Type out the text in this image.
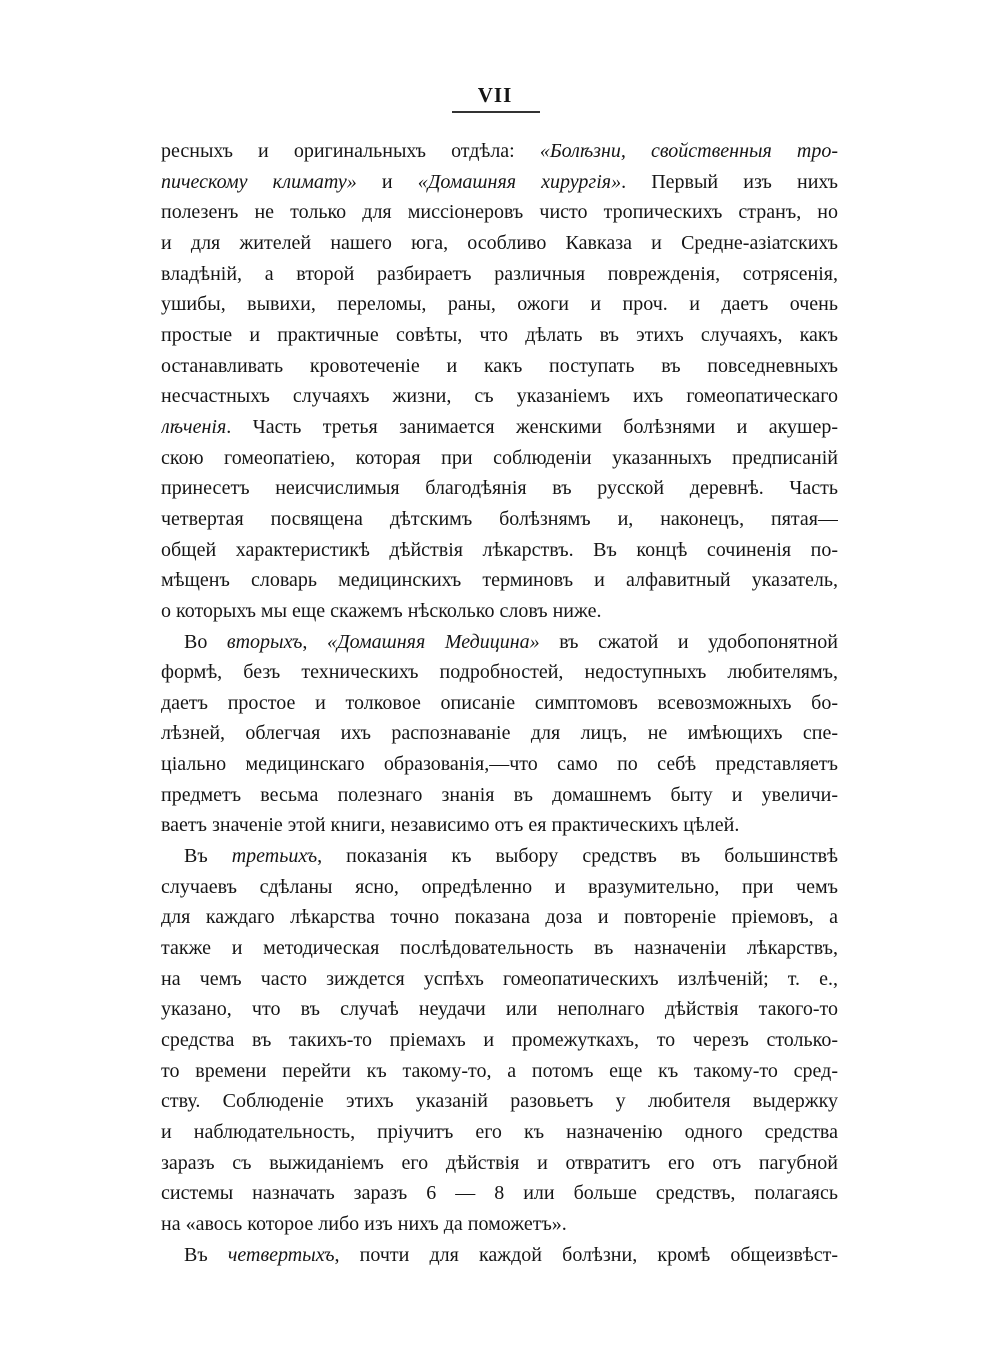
VII
ресныхъ и оригинальныхъ отдѣла: «Болѣзни, свойственныя тро-
пическому климату» и «Домашняя хирургія». Первый изъ нихъ
полезенъ не только для миссіонеровъ чисто тропическихъ странъ, но
и для жителей нашего юга, особливо Кавказа и Средне-азіатскихъ
владѣній, а второй разбираетъ различныя поврежденія, сотрясенія,
ушибы, вывихи, переломы, раны, ожоги и проч. и даетъ очень
простые и практичные совѣты, что дѣлать въ этихъ случаяхъ, какъ
останавливать кровотеченіе и какъ поступать въ повседневныхъ
несчастныхъ случаяхъ жизни, съ указаніемъ ихъ гомеопатическаго
лѣченія. Часть третья занимается женскими болѣзнями и акушер-
скою гомеопатіею, которая при соблюденіи указанныхъ предписаній
принесетъ неисчислимыя благодѣянія въ русской деревнѣ. Часть
четвертая посвящена дѣтскимъ болѣзнямъ и, наконецъ, пятая—
общей характеристикѣ дѣйствія лѣкарствъ. Въ концѣ сочиненія по-
мѣщенъ словарь медицинскихъ терминовъ и алфавитный указатель,
о которыхъ мы еще скажемъ нѣсколько словъ ниже.
Во вторыхъ, «Домашняя Медицина» въ сжатой и удобопонятной
формѣ, безъ техническихъ подробностей, недоступныхъ любителямъ,
даетъ простое и толковое описаніе симптомовъ всевозможныхъ бо-
лѣзней, облегчая ихъ распознаваніе для лицъ, не имѣющихъ спе-
ціально медицинскаго образованія,—что само по себѣ представляетъ
предметъ весьма полезнаго знанія въ домашнемъ быту и увеличи-
ваетъ значеніе этой книги, независимо отъ ея практическихъ цѣлей.
Въ третьихъ, показанія къ выбору средствъ въ большинствѣ
случаевъ сдѣланы ясно, опредѣленно и вразумительно, при чемъ
для каждаго лѣкарства точно показана доза и повтореніе пріемовъ, а
также и методическая послѣдовательность въ назначеніи лѣкарствъ,
на чемъ часто зиждется успѣхъ гомеопатическихъ излѣченій; т. е.,
указано, что въ случаѣ неудачи или неполнаго дѣйствія такого-то
средства въ такихъ-то пріемахъ и промежуткахъ, то черезъ столько-
то времени перейти къ такому-то, а потомъ еще къ такому-то сред-
ству. Соблюденіе этихъ указаній разовьетъ у любителя выдержку
и наблюдательность, пріучитъ его къ назначенію одного средства
заразъ съ выжиданіемъ его дѣйствія и отвратитъ его отъ пагубной
системы назначать заразъ 6 — 8 или больше средствъ, полагаясь
на «авось которое либо изъ нихъ да поможетъ».
Въ четвертыхъ, почти для каждой болѣзни, кромѣ общеизвѣст-
